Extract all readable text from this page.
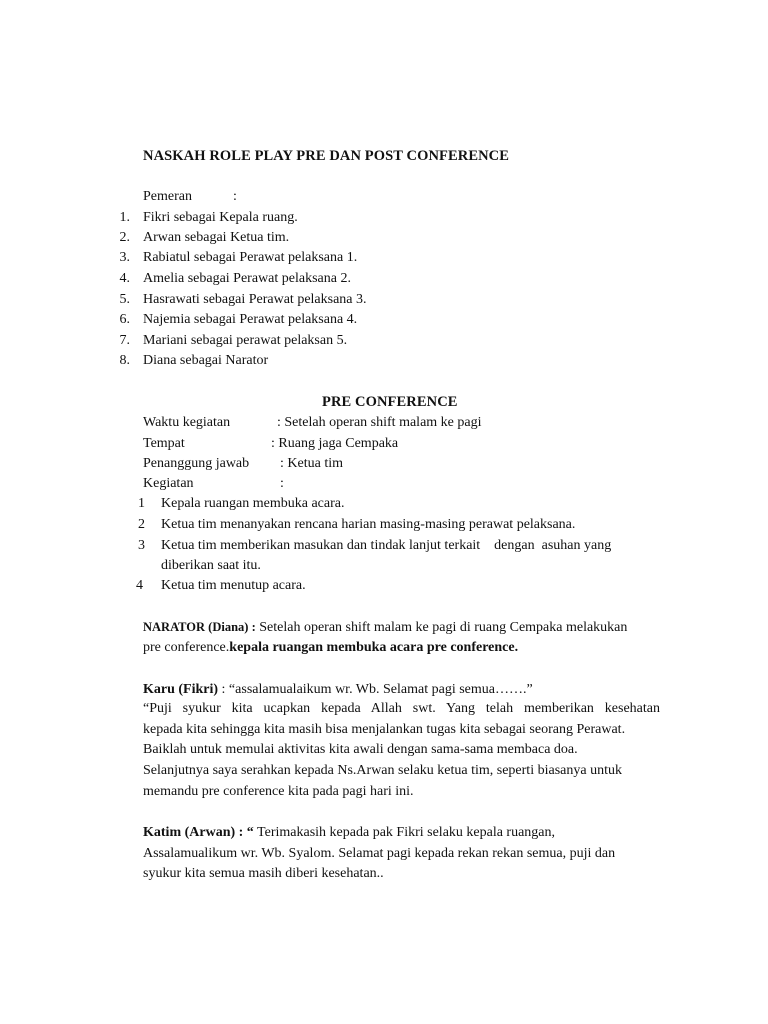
NASKAH ROLE PLAY PRE DAN POST CONFERENCE
Pemeran	:
1. Fikri sebagai Kepala ruang.
2. Arwan sebagai Ketua tim.
3. Rabiatul sebagai Perawat pelaksana 1.
4. Amelia sebagai Perawat pelaksana 2.
5. Hasrawati sebagai Perawat pelaksana 3.
6. Najemia sebagai Perawat pelaksana 4.
7. Mariani sebagai perawat pelaksan 5.
8. Diana sebagai Narator
PRE CONFERENCE
Waktu kegiatan	: Setelah operan shift malam ke pagi
Tempat	: Ruang jaga Cempaka
Penanggung jawab : Ketua tim
Kegiatan	:
1 Kepala ruangan membuka acara.
2 Ketua tim menanyakan rencana harian masing-masing perawat pelaksana.
3 Ketua tim memberikan masukan dan tindak lanjut terkait    dengan  asuhan yang
diberikan saat itu.
4 Ketua tim menutup acara.
NARATOR (Diana) : Setelah operan shift malam ke pagi di ruang Cempaka melakukan
pre conference.kepala ruangan membuka acara pre conference.
Karu (Fikri) : “assalamualaikum wr. Wb. Selamat pagi semua…….”
“Puji syukur kita ucapkan kepada Allah swt. Yang telah memberikan kesehatan
kepada kita sehingga kita masih bisa menjalankan tugas kita sebagai seorang Perawat.
Baiklah untuk memulai aktivitas kita awali dengan sama-sama membaca doa.
Selanjutnya saya serahkan kepada Ns.Arwan selaku ketua tim, seperti biasanya untuk
memandu pre conference kita pada pagi hari ini.
Katim (Arwan) : “ Terimakasih kepada pak Fikri selaku kepala ruangan,
Assalamualikum wr. Wb. Syalom. Selamat pagi kepada rekan rekan semua, puji dan
syukur kita semua masih diberi kesehatan..
